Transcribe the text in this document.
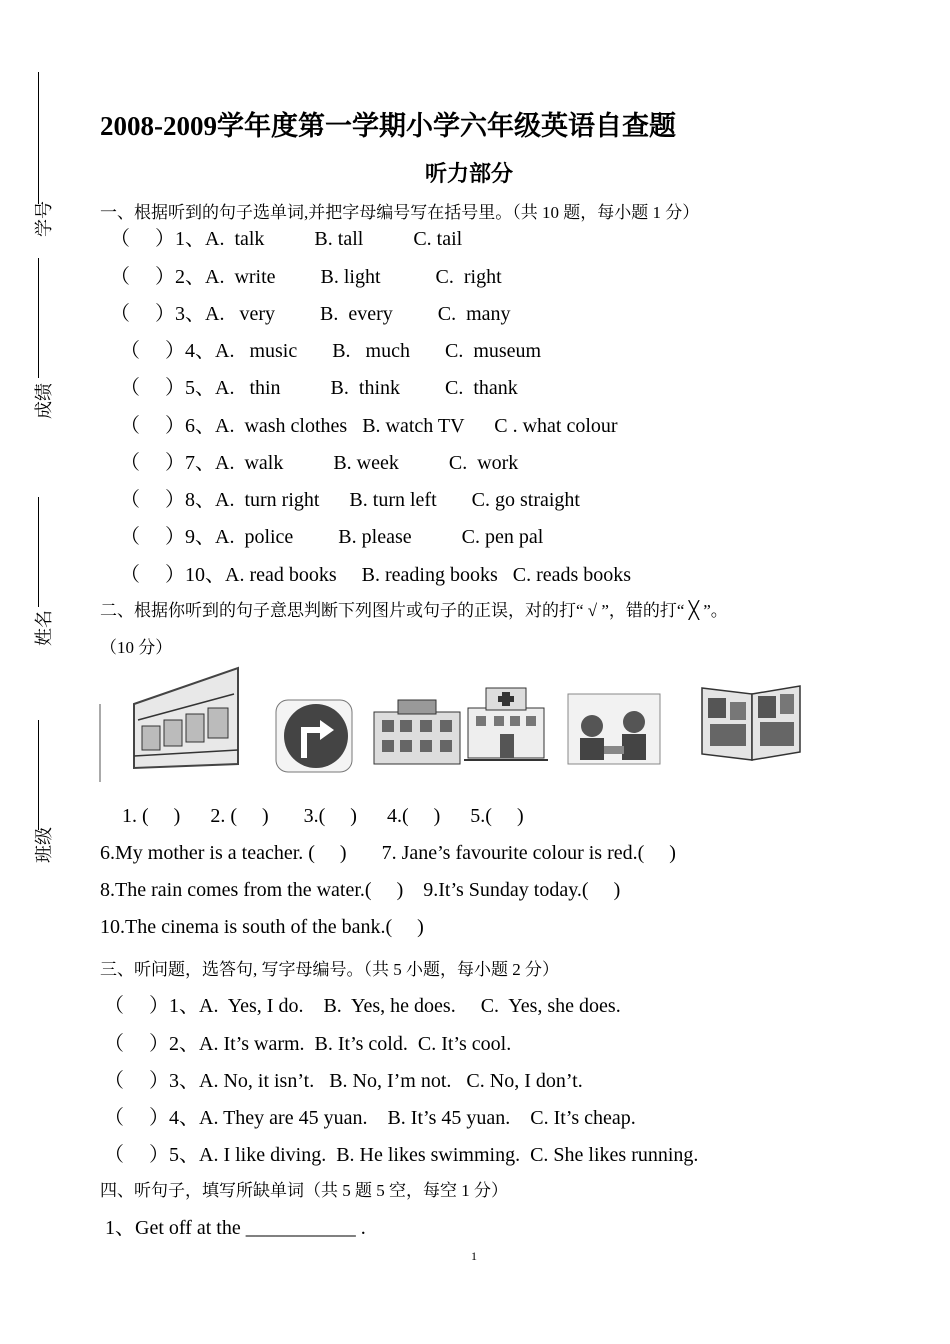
学号
成绩
姓名
班级
2008-2009学年度第一学期小学六年级英语自查题
听力部分
一、根据听到的句子选单词,并把字母编号写在括号里。（共 10 题，每小题 1 分）
（     ）1、A.  talk          B. tall          C. tail
（     ）2、A.  write         B. light           C.  right
（     ）3、A.   very         B.  every         C.  many
（     ）4、A.   music       B.   much       C.  museum
（     ）5、A.   thin          B.  think         C.  thank
（     ）6、A.  wash clothes   B. watch TV      C . what colour
（     ）7、A.  walk          B. week          C.  work
（     ）8、A.  turn right      B. turn left       C. go straight
（     ）9、A.  police         B. please          C. pen pal
（     ）10、A. read books     B. reading books   C. reads books
二、根据你听到的句子意思判断下列图片或句子的正误，对的打“ √ ”，错的打“ ╳ ”。
（10 分）
1. (     )      2. (     )       3.(     )      4.(     )      5.(     )
6.My mother is a teacher. (     )       7. Jane’s favourite colour is red.(     )
8.The rain comes from the water.(     )    9.It’s Sunday today.(     )
10.The cinema is south of the bank.(     )
三、听问题，选答句, 写字母编号。（共 5 小题，每小题 2 分）
（     ）1、A.  Yes, I do.    B.  Yes, he does.     C.  Yes, she does.
（     ）2、A. It’s warm.  B. It’s cold.  C. It’s cool.
（     ）3、A. No, it isn’t.   B. No, I’m not.   C. No, I don’t.
（     ）4、A. They are 45 yuan.    B. It’s 45 yuan.    C. It’s cheap.
（     ）5、A. I like diving.  B. He likes swimming.  C. She likes running.
四、听句子，填写所缺单词（共 5 题 5 空，每空 1 分）
1、Get off at the ___________ .
1
